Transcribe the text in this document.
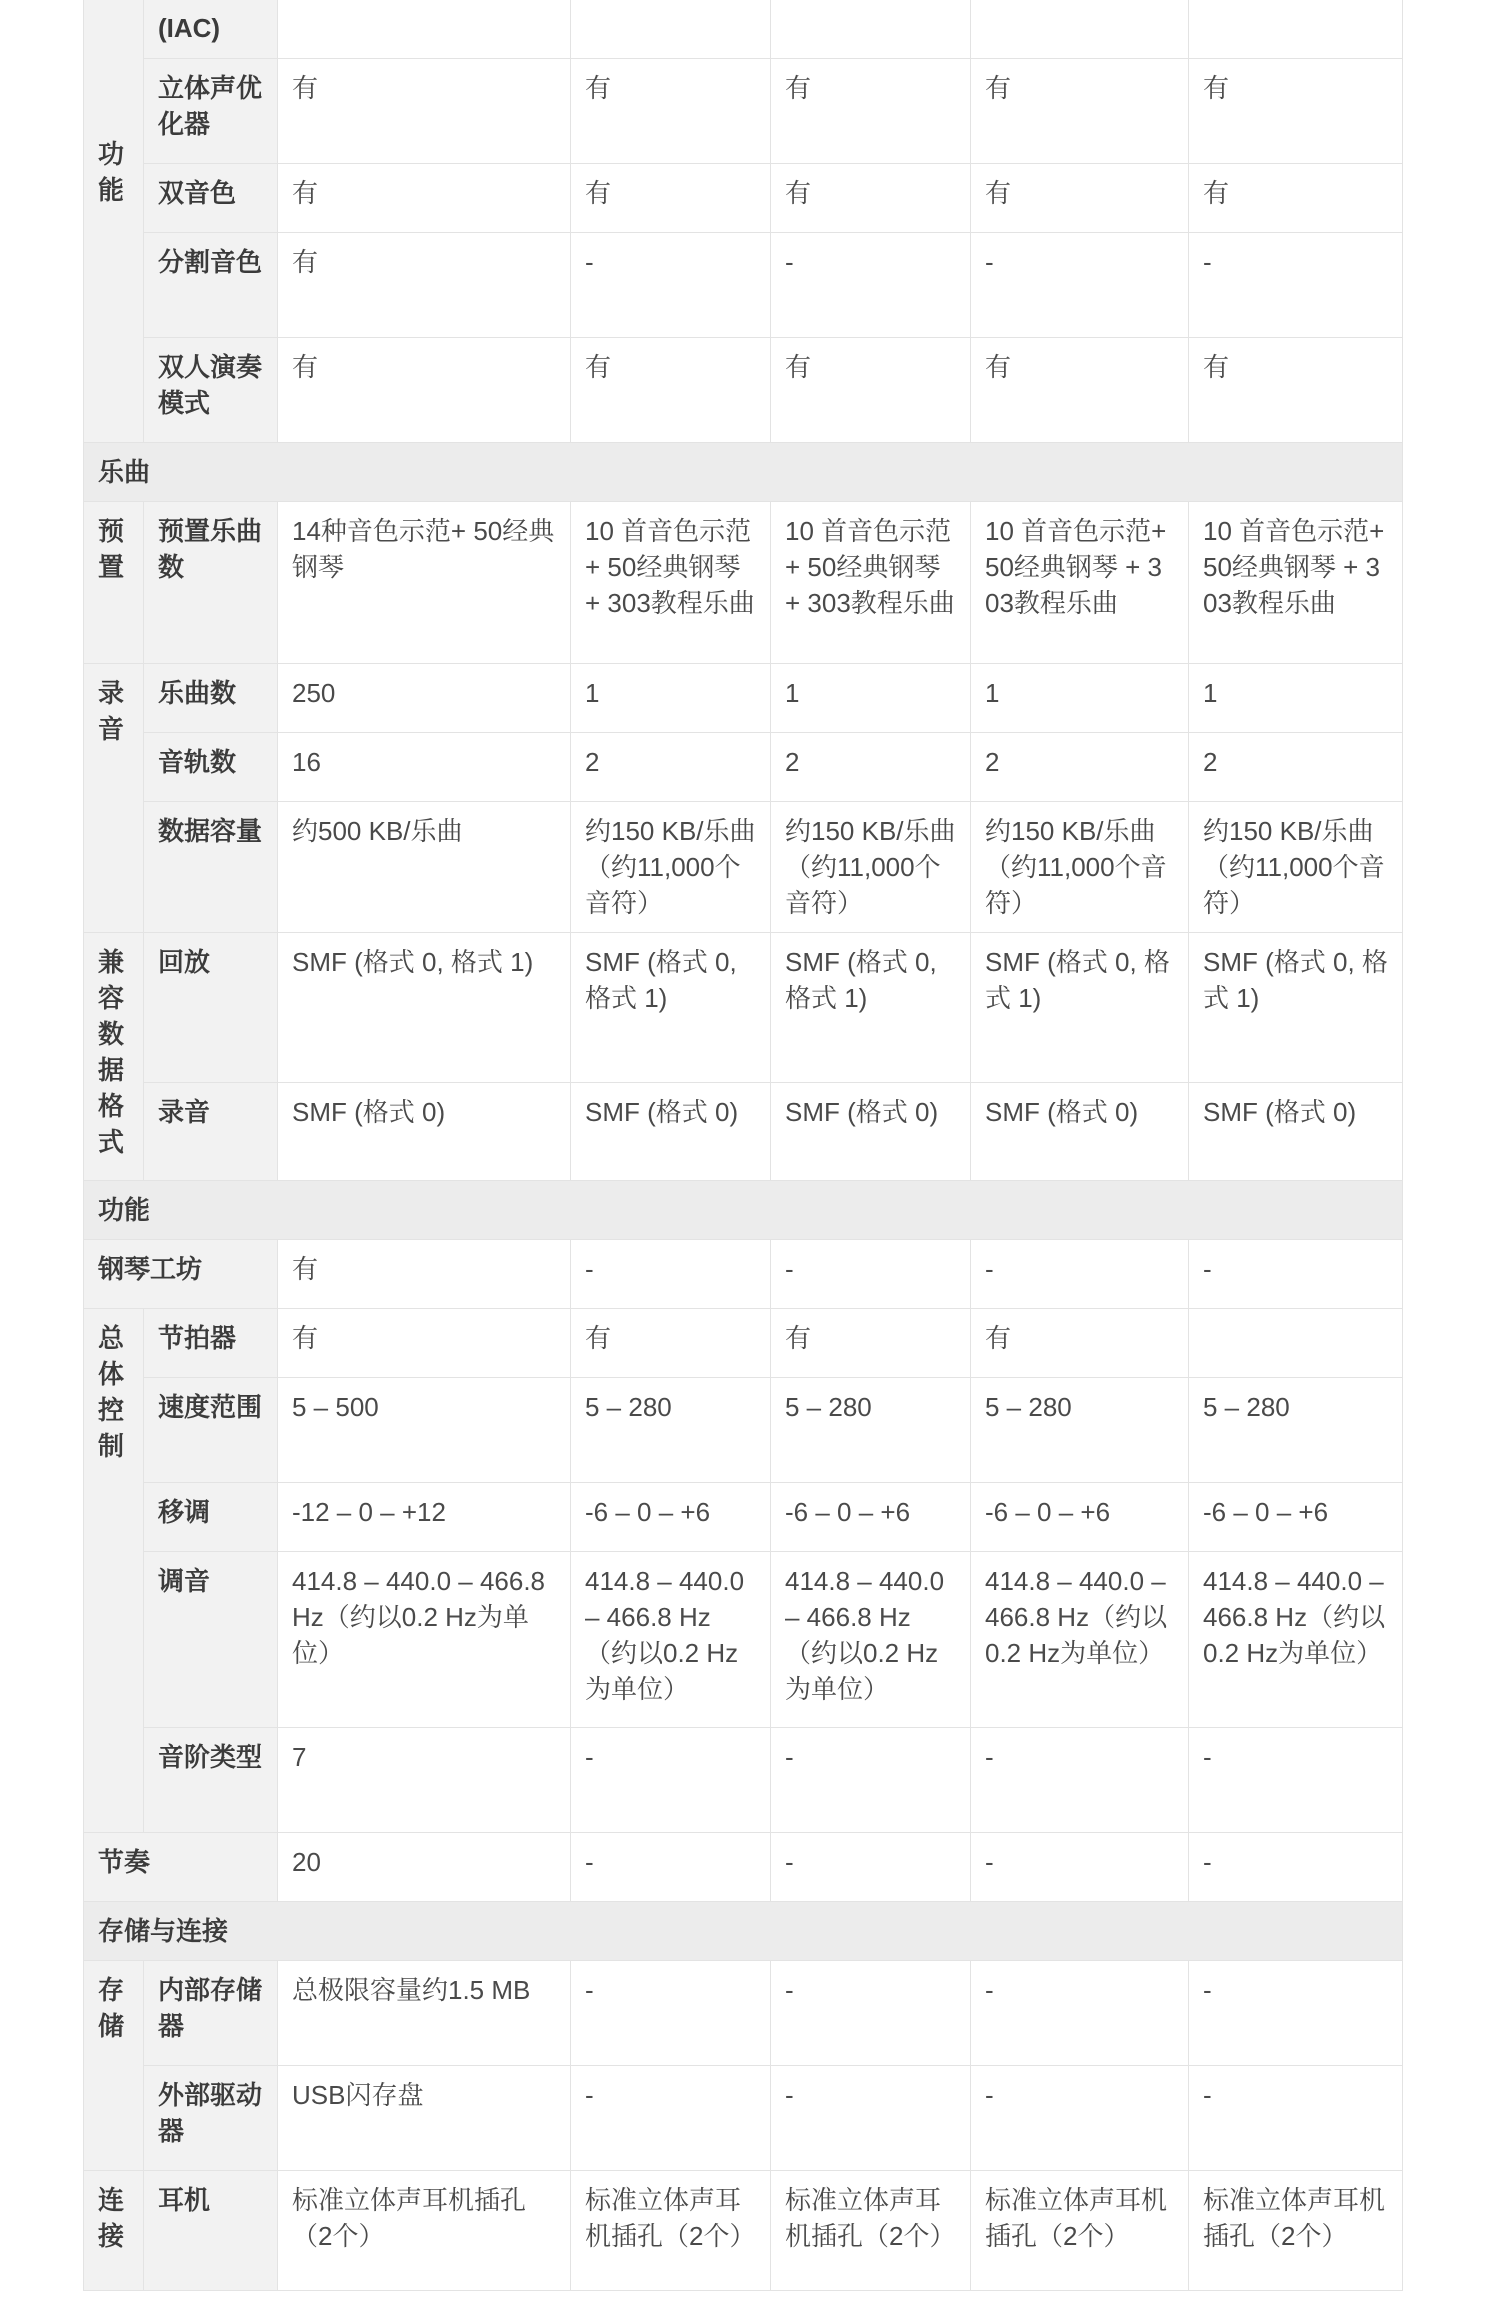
功能	(IAC)					
	立体声优化器	有	有	有	有	有
	双音色	有	有	有	有	有
	分割音色	有	-	-	-	-
	双人演奏模式	有	有	有	有	有
乐曲						
预置	预置乐曲数	14种音色示范+ 50经典钢琴	10 首音色示范+ 50经典钢琴 + 303教程乐曲	10 首音色示范+ 50经典钢琴 + 303教程乐曲	10 首音色示范+ 50经典钢琴 + 303教程乐曲	10 首音色示范+ 50经典钢琴 + 303教程乐曲
录音	乐曲数	250	1	1	1	1
	音轨数	16	2	2	2	2
	数据容量	约500 KB/乐曲	约150 KB/乐曲（约11,000个音符）	约150 KB/乐曲（约11,000个音符）	约150 KB/乐曲（约11,000个音符）	约150 KB/乐曲（约11,000个音符）
兼容数据格式	回放	SMF (格式 0, 格式 1)	SMF (格式 0, 格式 1)	SMF (格式 0, 格式 1)	SMF (格式 0, 格式 1)	SMF (格式 0, 格式 1)
	录音	SMF (格式 0)	SMF (格式 0)	SMF (格式 0)	SMF (格式 0)	SMF (格式 0)
功能						
钢琴工坊		有	-	-	-	-
总体控制	节拍器	有	有	有	有	
	速度范围	5 – 500	5 – 280	5 – 280	5 – 280	5 – 280
	移调	-12 – 0 – +12	-6 – 0 – +6	-6 – 0 – +6	-6 – 0 – +6	-6 – 0 – +6
	调音	414.8 – 440.0 – 466.8 Hz（约以0.2 Hz为单位）	414.8 – 440.0 – 466.8 Hz（约以0.2 Hz为单位）	414.8 – 440.0 – 466.8 Hz（约以0.2 Hz为单位）	414.8 – 440.0 – 466.8 Hz（约以0.2 Hz为单位）	414.8 – 440.0 – 466.8 Hz（约以0.2 Hz为单位）
	音阶类型	7	-	-	-	-
节奏		20	-	-	-	-
存储与连接						
存储	内部存储器	总极限容量约1.5 MB	-	-	-	-
	外部驱动器	USB闪存盘	-	-	-	-
连接	耳机	标准立体声耳机插孔（2个）	标准立体声耳机插孔（2个）	标准立体声耳机插孔（2个）	标准立体声耳机插孔（2个）	标准立体声耳机插孔（2个）
